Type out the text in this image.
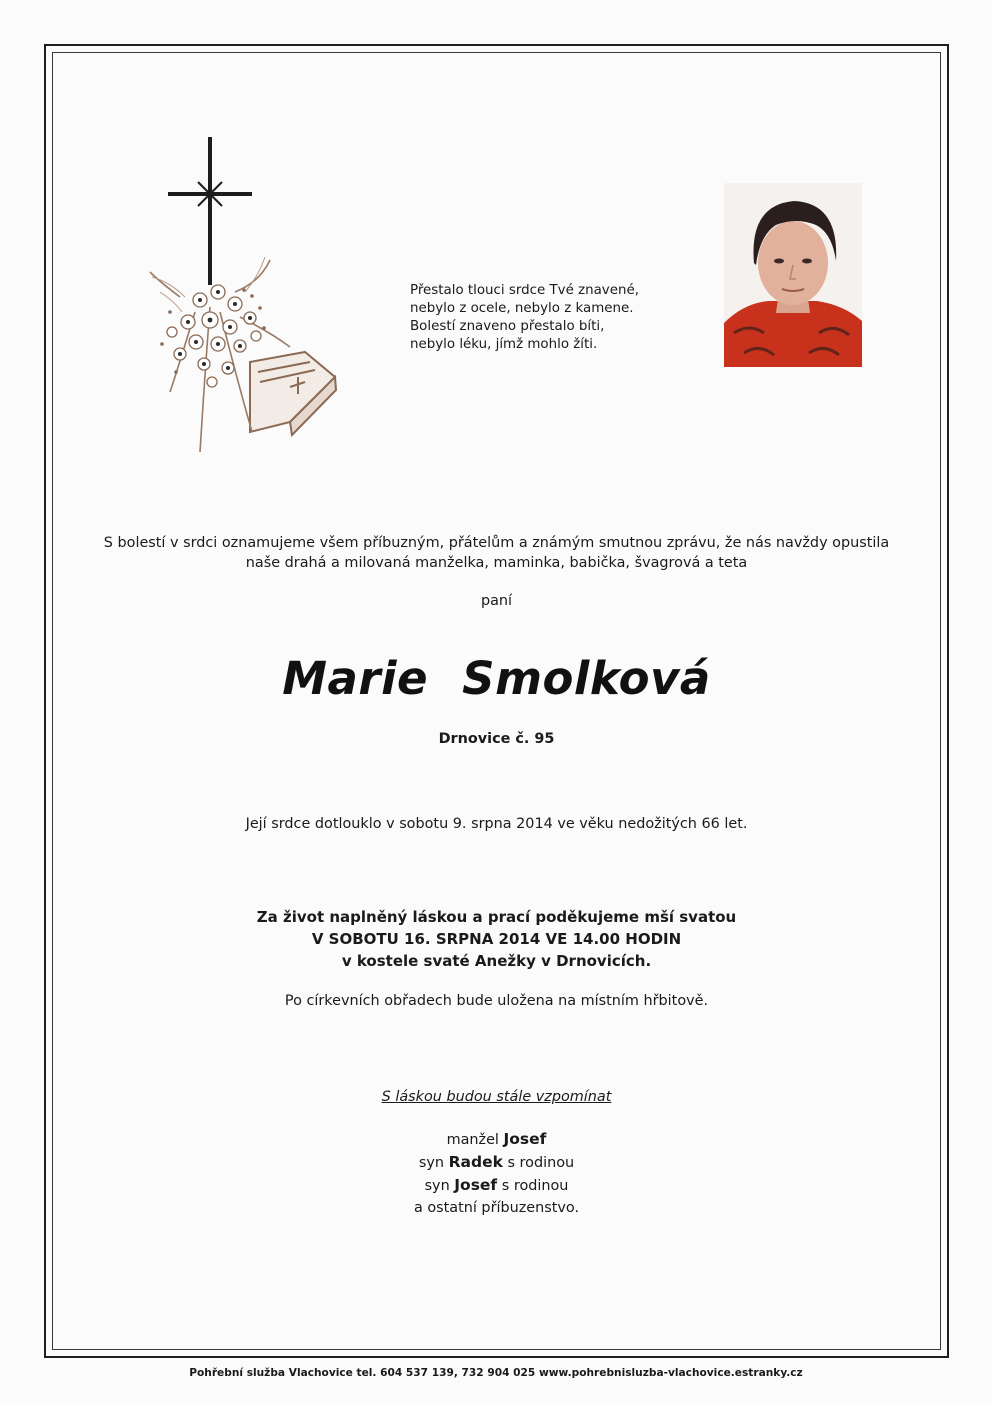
Přestalo tlouci srdce Tvé znavené,
nebylo z ocele, nebylo z kamene.
Bolestí znaveno přestalo bíti,
nebylo léku, jímž mohlo žíti.
S bolestí v srdci oznamujeme všem příbuzným, přátelům a známým smutnou zprávu, že nás navždy opustila
naše drahá a milovaná manželka, maminka, babička, švagrová a teta
paní
Marie Smolková
Drnovice č. 95
Její srdce dotlouklo v sobotu 9. srpna 2014 ve věku nedožitých 66 let.
Za život naplněný láskou a prací poděkujeme mší svatou
V SOBOTU 16. SRPNA 2014 VE 14.00 HODIN
v kostele svaté Anežky v Drnovicích.
Po církevních obřadech bude uložena na místním hřbitově.
S láskou budou stále vzpomínat
manžel Josef
syn Radek s rodinou
syn Josef s rodinou
a ostatní příbuzenstvo.
Pohřební služba Vlachovice tel. 604 537 139, 732 904 025 www.pohrebnisluzba-vlachovice.estranky.cz
